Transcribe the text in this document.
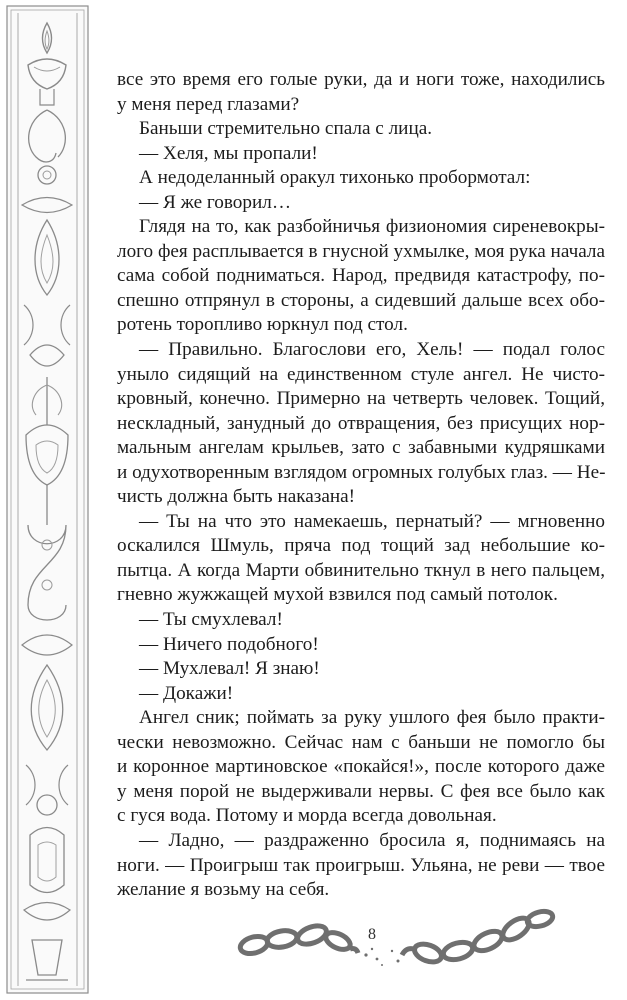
все это время его голые руки, да и ноги тоже, находились
у меня перед глазами?
Баньши стремительно спала с лица.
— Хеля, мы пропали!
А недоделанный оракул тихонько пробормотал:
— Я же говорил…
Глядя на то, как разбойничья физиономия сиреневокры-
лого фея расплывается в гнусной ухмылке, моя рука начала
сама собой подниматься. Народ, предвидя катастрофу, по-
спешно отпрянул в стороны, а сидевший дальше всех обо-
ротень торопливо юркнул под стол.
— Правильно. Благослови его, Хель! — подал голос
уныло сидящий на единственном стуле ангел. Не чисто-
кровный, конечно. Примерно на четверть человек. Тощий,
нескладный, занудный до отвращения, без присущих нор-
мальным ангелам крыльев, зато с забавными кудряшками
и одухотворенным взглядом огромных голубых глаз. — Не-
чисть должна быть наказана!
— Ты на что это намекаешь, пернатый? — мгновенно
оскалился Шмуль, пряча под тощий зад небольшие ко-
пытца. А когда Марти обвинительно ткнул в него пальцем,
гневно жужжащей мухой взвился под самый потолок.
— Ты смухлевал!
— Ничего подобного!
— Мухлевал! Я знаю!
— Докажи!
Ангел сник; поймать за руку ушлого фея было практи-
чески невозможно. Сейчас нам с баньши не помогло бы
и коронное мартиновское «покайся!», после которого даже
у меня порой не выдерживали нервы. С фея все было как
с гуся вода. Потому и морда всегда довольная.
— Ладно, — раздраженно бросила я, поднимаясь на
ноги. — Проигрыш так проигрыш. Ульяна, не реви — твое
желание я возьму на себя.
8
